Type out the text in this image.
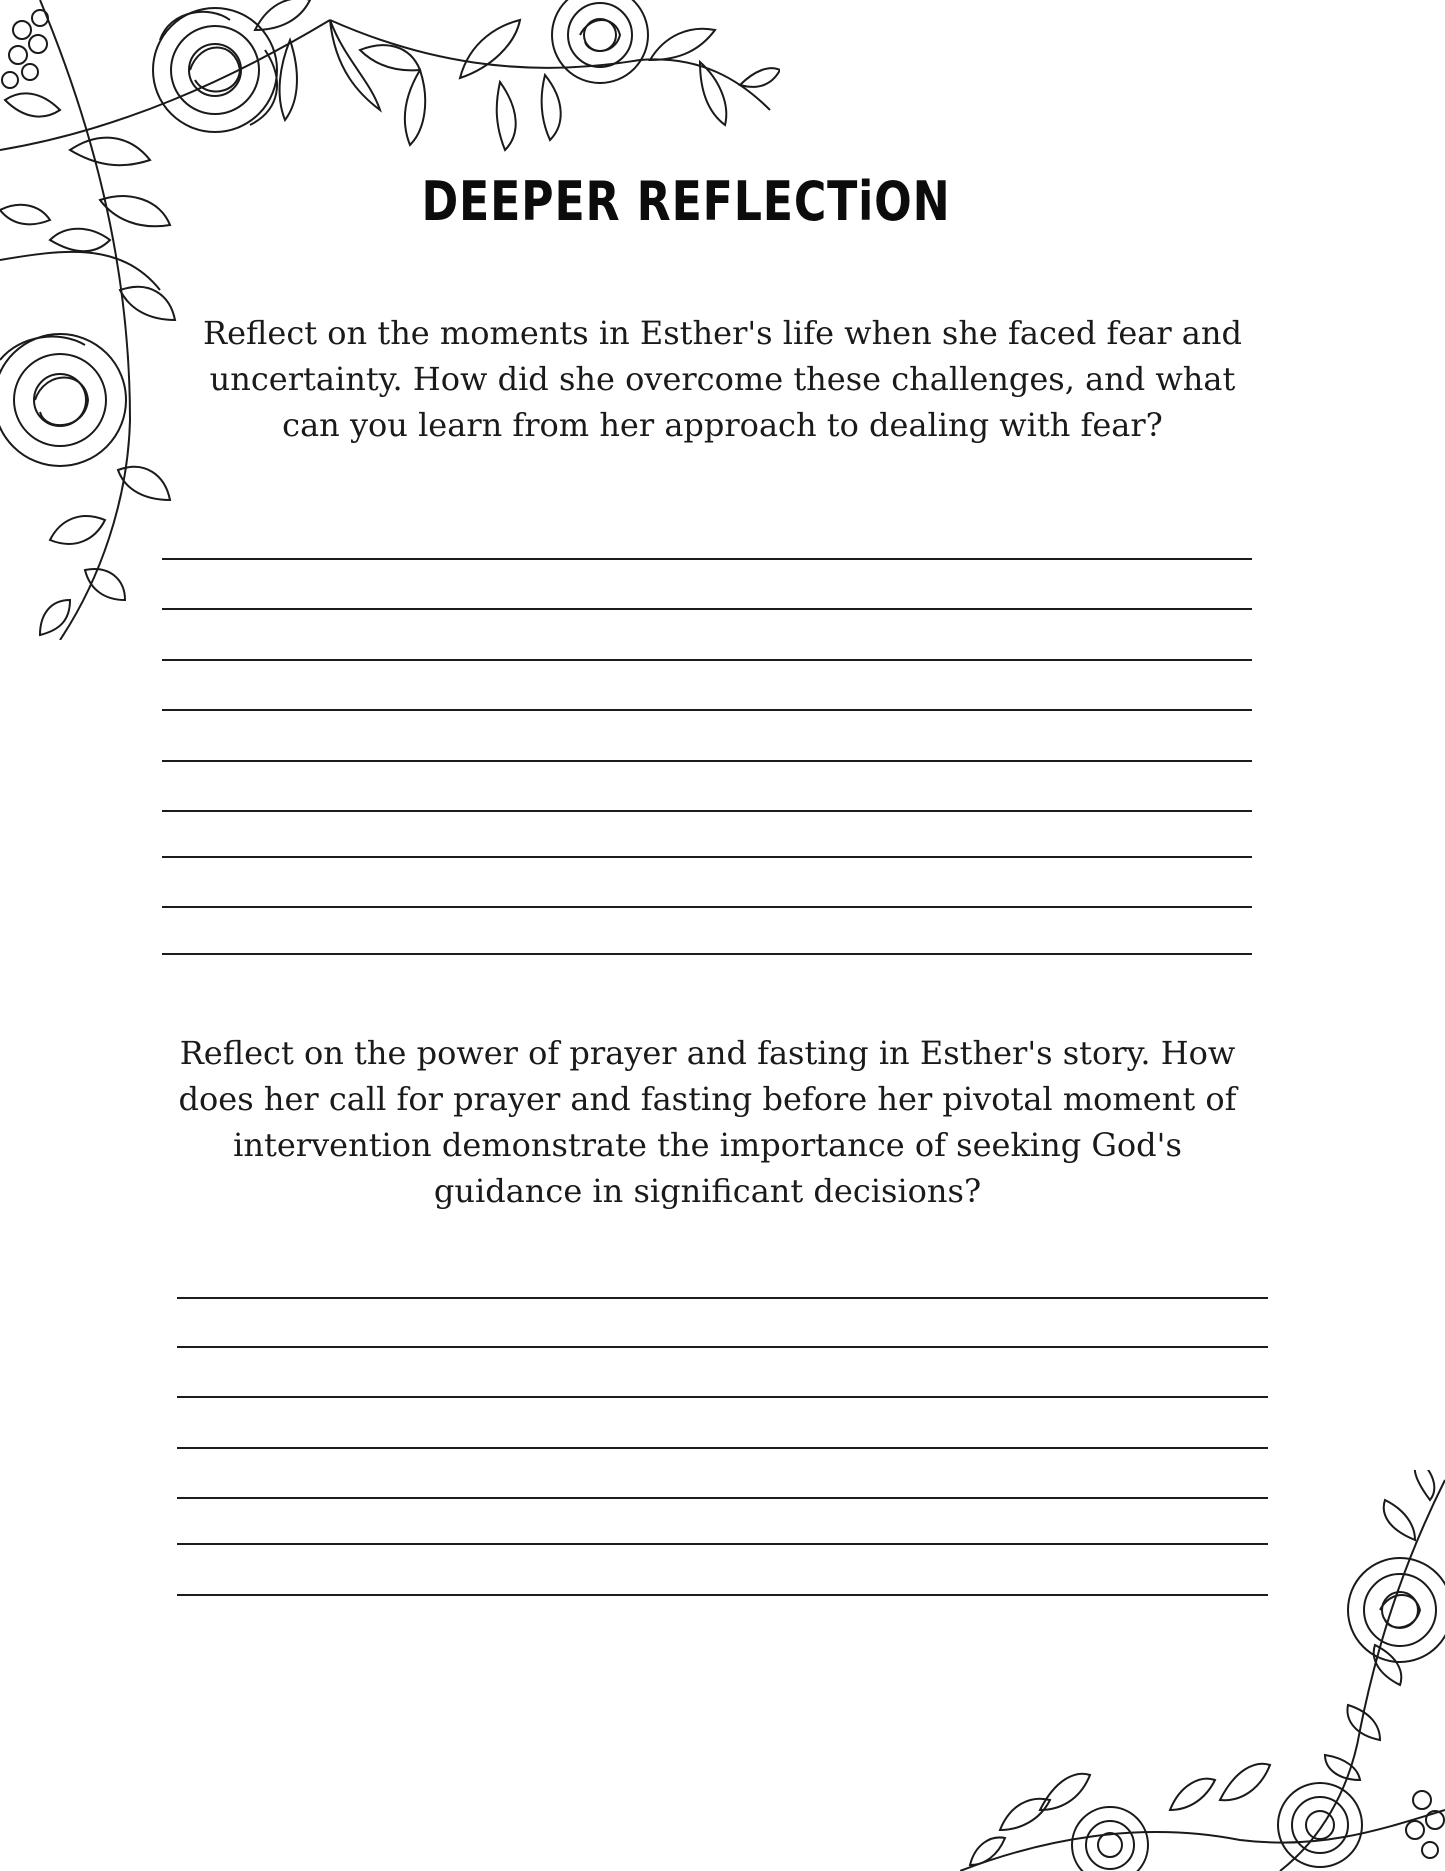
DEEPER REFLECTiON
Reflect on the moments in Esther's life when she faced fear and uncertainty. How did she overcome these challenges, and what can you learn from her approach to dealing with fear?
Reflect on the power of prayer and fasting in Esther's story. How does her call for prayer and fasting before her pivotal moment of intervention demonstrate the importance of seeking God's guidance in significant decisions?
